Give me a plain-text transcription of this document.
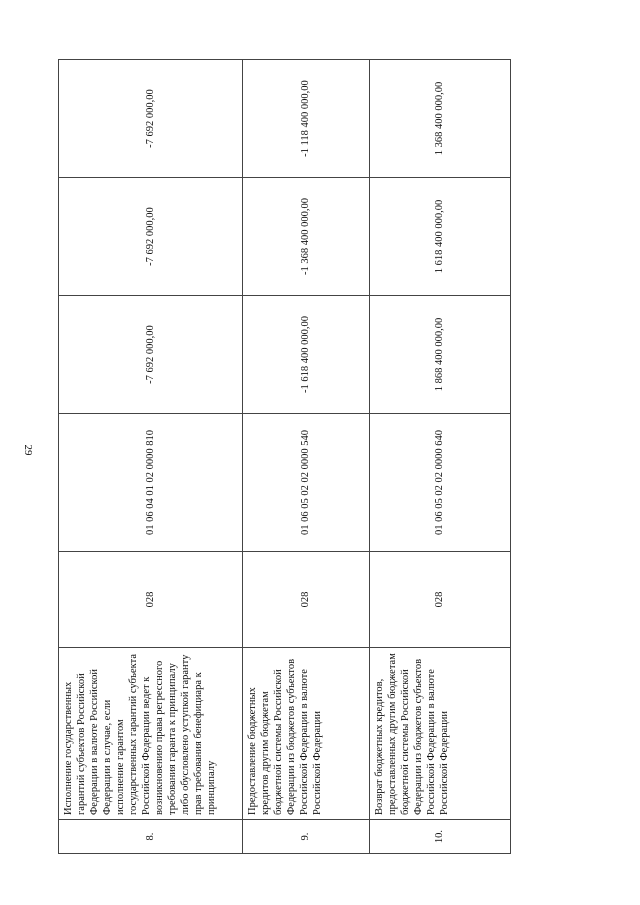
29
8.	Исполнение государственных гарантий субъектов Российской Федерации в валюте Российской Федерации в случае, если исполнение гарантом государственных гарантий субъекта Российской Федерации ведет к возникновению права регрессного требования гаранта к принципалу либо обусловлено уступкой гаранту прав требования бенефициара к принципалу	028	01 06 04 01 02 0000 810	-7 692 000,00	-7 692 000,00	-7 692 000,00
9.	Предоставление бюджетных кредитов другим бюджетам бюджетной системы Российской Федерации из бюджетов субъектов Российской Федерации в валюте Российской Федерации	028	01 06 05 02 02 0000 540	-1 618 400 000,00	-1 368 400 000,00	-1 118 400 000,00
10.	Возврат бюджетных кредитов, предоставленных другим бюджетам бюджетной системы Российской Федерации из бюджетов субъектов Российской Федерации в валюте Российской Федерации	028	01 06 05 02 02 0000 640	1 868 400 000,00	1 618 400 000,00	1 368 400 000,00
